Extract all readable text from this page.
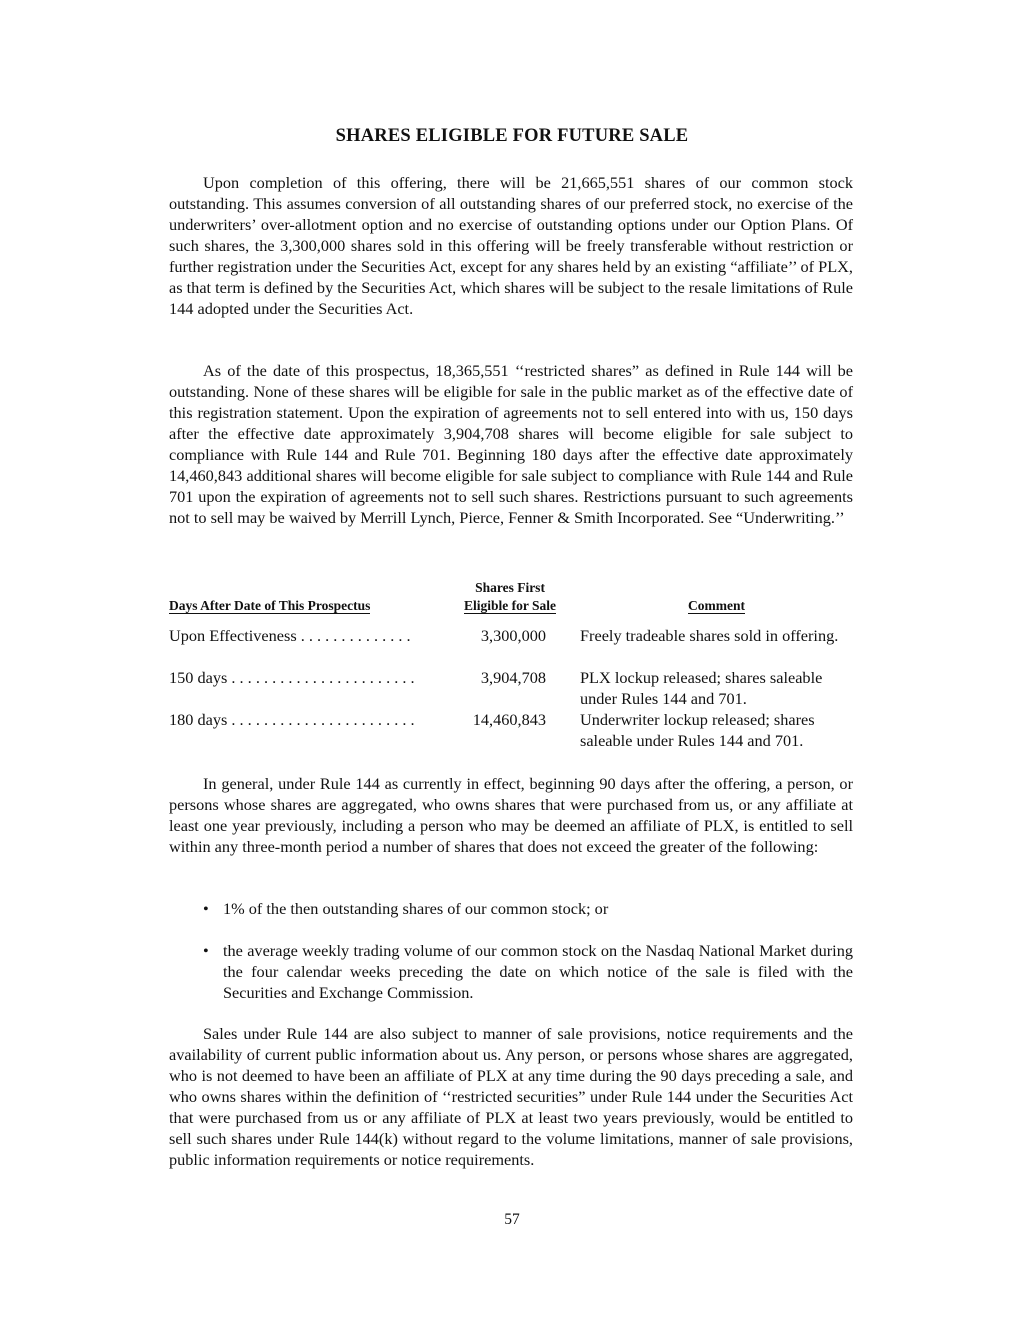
SHARES ELIGIBLE FOR FUTURE SALE

Upon completion of this offering, there will be 21,665,551 shares of our common stock outstanding. This assumes conversion of all outstanding shares of our preferred stock, no exercise of the underwriters’ over-allotment option and no exercise of outstanding options under our Option Plans. Of such shares, the 3,300,000 shares sold in this offering will be freely transferable without restriction or further registration under the Securities Act, except for any shares held by an existing “affiliate’’ of PLX, as that term is defined by the Securities Act, which shares will be subject to the resale limitations of Rule 144 adopted under the Securities Act.

As of the date of this prospectus, 18,365,551 ‘‘restricted shares” as defined in Rule 144 will be outstanding. None of these shares will be eligible for sale in the public market as of the effective date of this registration statement. Upon the expiration of agreements not to sell entered into with us, 150 days after the effective date approximately 3,904,708 shares will become eligible for sale subject to compliance with Rule 144 and Rule 701. Beginning 180 days after the effective date approximately 14,460,843 additional shares will become eligible for sale subject to compliance with Rule 144 and Rule 701 upon the expiration of agreements not to sell such shares. Restrictions pursuant to such agreements not to sell may be waived by Merrill Lynch, Pierce, Fenner & Smith Incorporated. See “Underwriting.’’

Days After Date of This Prospectus
Shares First
Eligible for Sale	Comment
Upon Effectiveness . . . . . . . . . . . . . .	3,300,000 Freely tradeable shares sold in offering.
150 days . . . . . . . . . . . . . . . . . . . . . . .	3,904,708 PLX lockup released; shares saleable under Rules 144 and 701.
180 days . . . . . . . . . . . . . . . . . . . . . . .	14,460,843 Underwriter lockup released; shares saleable under Rules 144 and 701.

In general, under Rule 144 as currently in effect, beginning 90 days after the offering, a person, or persons whose shares are aggregated, who owns shares that were purchased from us, or any affiliate at least one year previously, including a person who may be deemed an affiliate of PLX, is entitled to sell within any three-month period a number of shares that does not exceed the greater of the following:

• 1% of the then outstanding shares of our common stock; or
• the average weekly trading volume of our common stock on the Nasdaq National Market during the four calendar weeks preceding the date on which notice of the sale is filed with the Securities and Exchange Commission.

Sales under Rule 144 are also subject to manner of sale provisions, notice requirements and the availability of current public information about us. Any person, or persons whose shares are aggregated, who is not deemed to have been an affiliate of PLX at any time during the 90 days preceding a sale, and who owns shares within the definition of ‘‘restricted securities” under Rule 144 under the Securities Act that were purchased from us or any affiliate of PLX at least two years previously, would be entitled to sell such shares under Rule 144(k) without regard to the volume limitations, manner of sale provisions, public information requirements or notice requirements.

57
